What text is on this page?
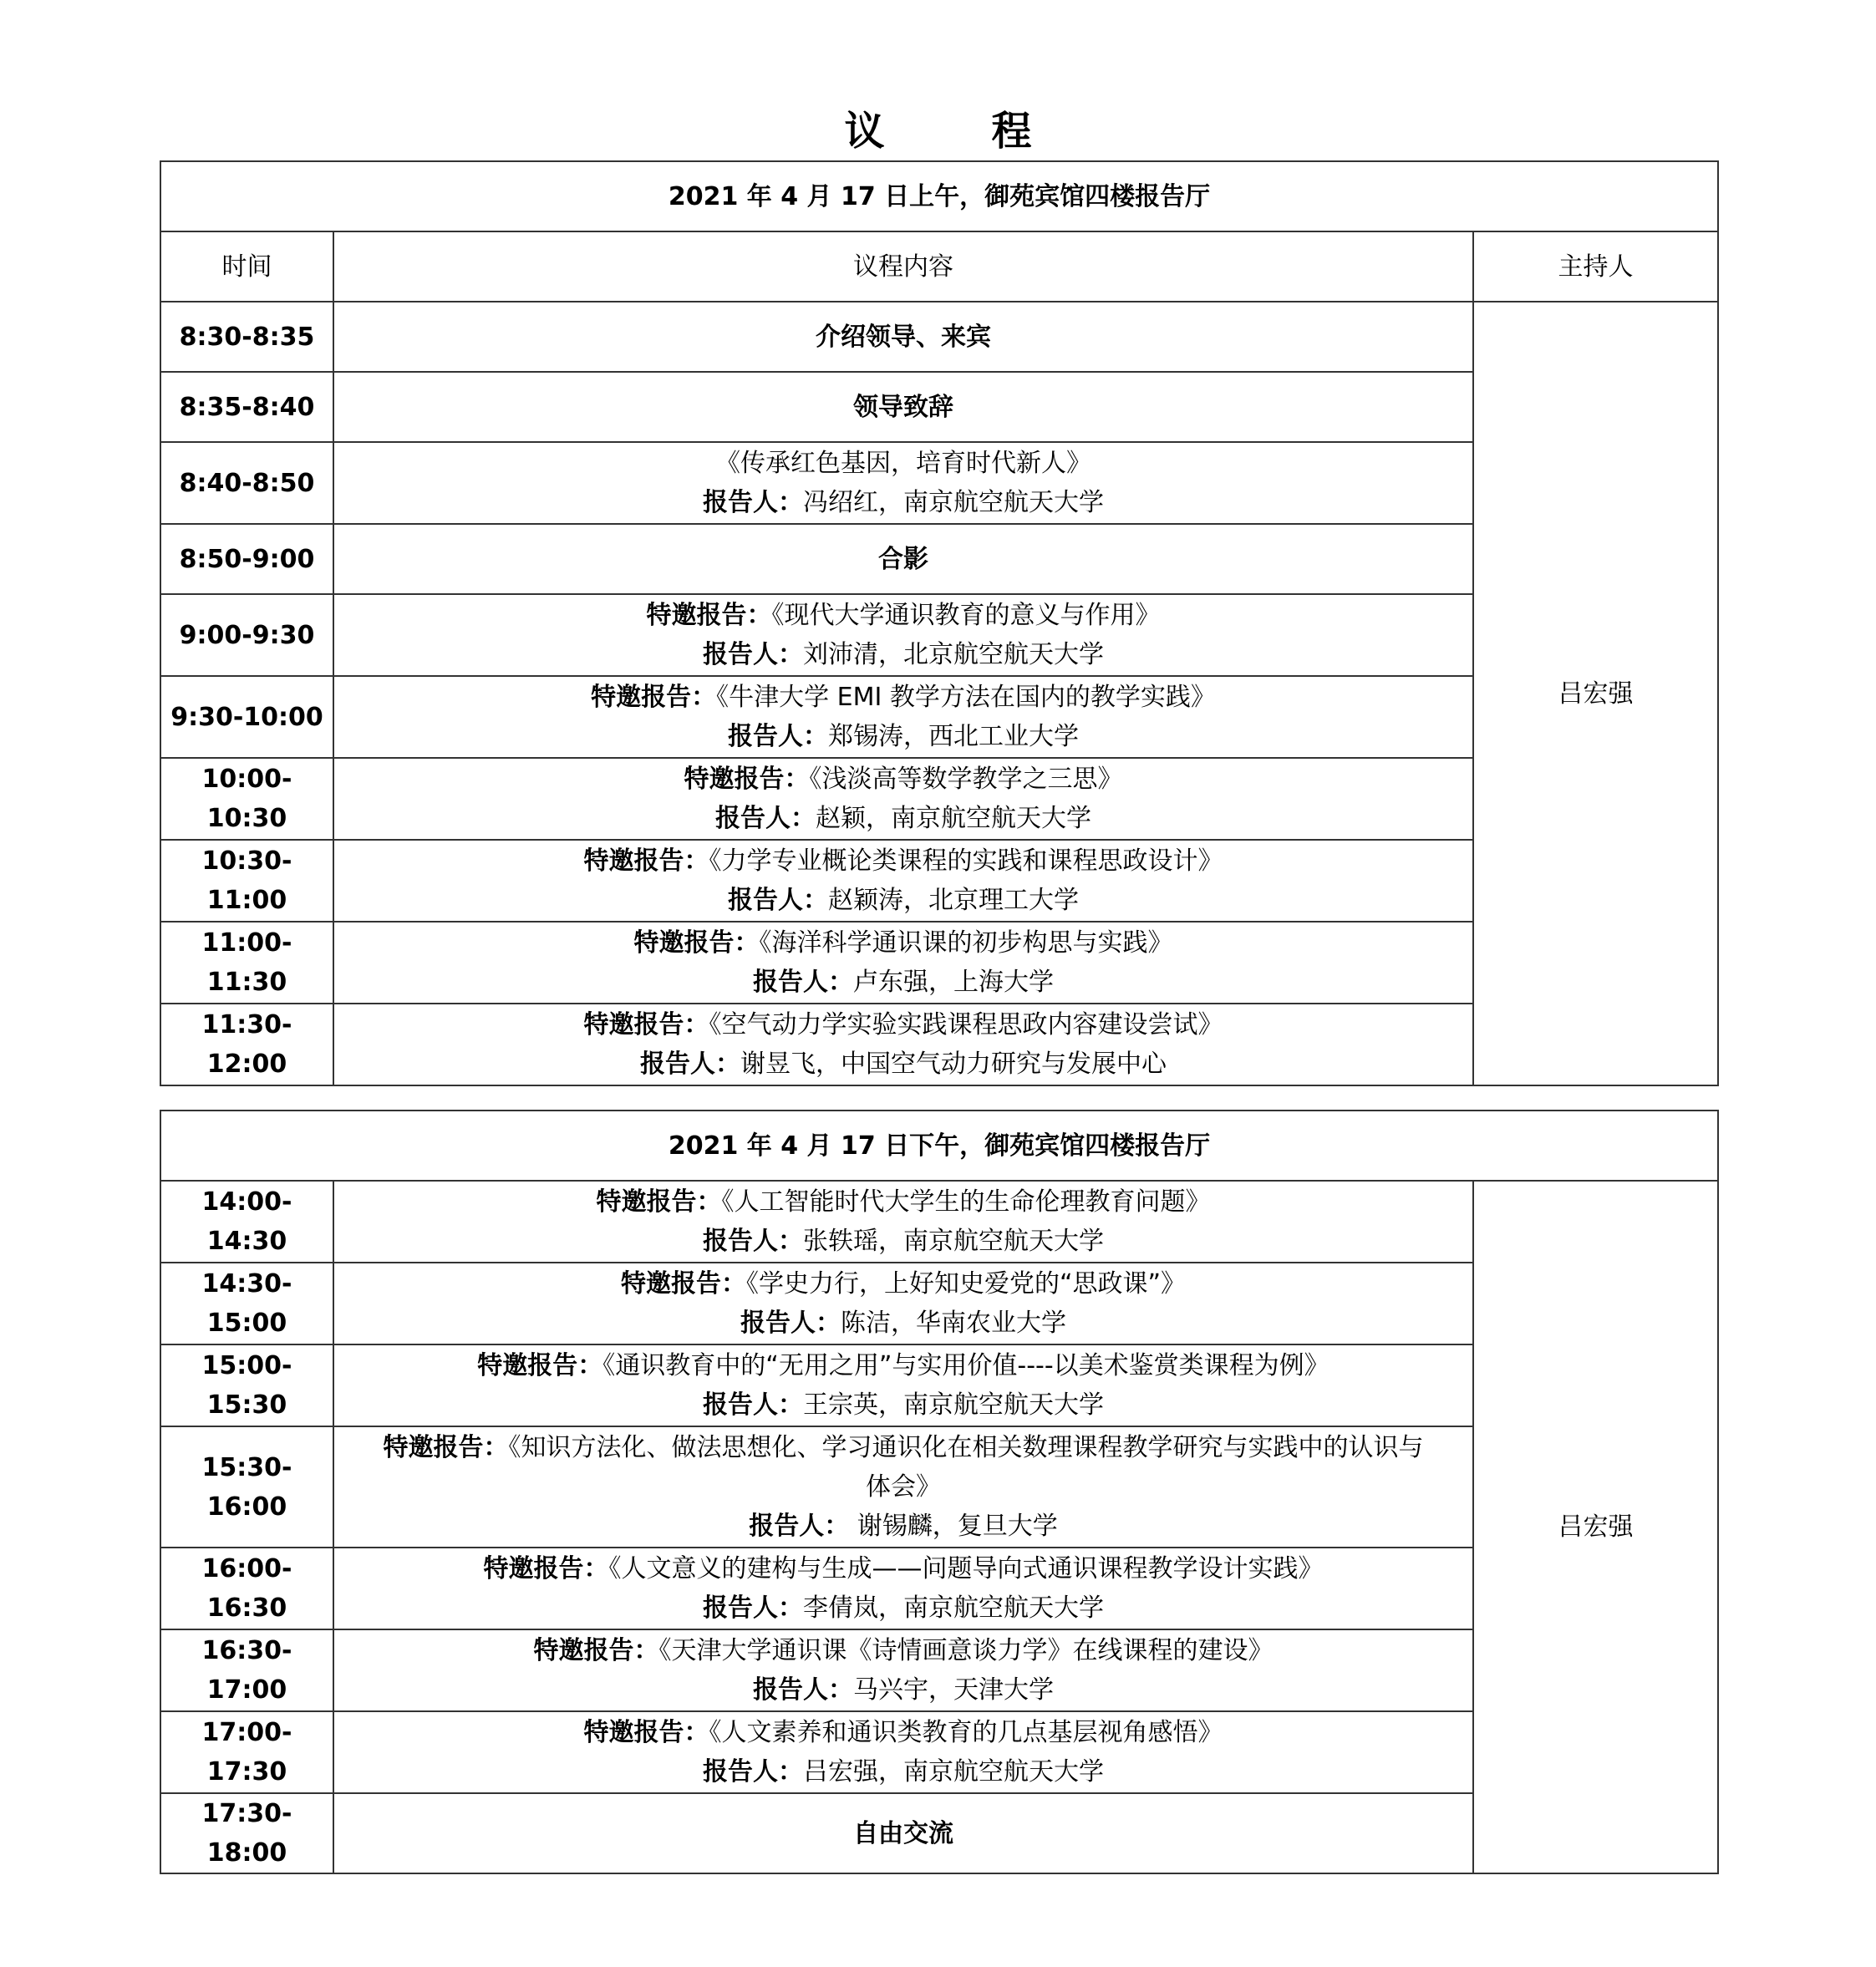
议　程
2021 年 4 月 17 日上午，御苑宾馆四楼报告厅		
时间	议程内容	主持人
8:30-8:35	介绍领导、来宾	吕宏强
8:35-8:40	领导致辞	

8:40-8:50	《传承红色基因，培育时代新人》
报告人：冯绍红，南京航空航天大学	

8:50-9:00	合影	

9:00-9:30	特邀报告：《现代大学通识教育的意义与作用》
报告人：刘沛清，北京航空航天大学	

9:30-10:00	特邀报告：《牛津大学 EMI 教学方法在国内的教学实践》
报告人：郑锡涛，西北工业大学	

10:00-10:30	特邀报告：《浅淡高等数学教学之三思》
报告人：赵颖，南京航空航天大学	

10:30-11:00	特邀报告：《力学专业概论类课程的实践和课程思政设计》
报告人：赵颖涛，北京理工大学	

11:00-11:30	特邀报告：《海洋科学通识课的初步构思与实践》
报告人：卢东强，上海大学	

11:30-12:00	特邀报告：《空气动力学实验实践课程思政内容建设尝试》
报告人：谢昱飞，中国空气动力研究与发展中心	
2021 年 4 月 17 日下午，御苑宾馆四楼报告厅		
14:00-14:30	特邀报告：《人工智能时代大学生的生命伦理教育问题》
报告人：张轶瑶，南京航空航天大学	吕宏强
14:30-15:00	特邀报告：《学史力行，上好知史爱党的“思政课”》
报告人：陈洁，华南农业大学	

15:00-15:30	特邀报告：《通识教育中的“无用之用”与实用价值----以美术鉴赏类课程为例》
报告人：王宗英，南京航空航天大学	

15:30-16:00	特邀报告：《知识方法化、做法思想化、学习通识化在相关数理课程教学研究与实践中的认识与
体会》
报告人： 谢锡麟，复旦大学	

16:00-16:30	特邀报告：《人文意义的建构与生成——问题导向式通识课程教学设计实践》
报告人：李倩岚，南京航空航天大学	

16:30-17:00	特邀报告：《天津大学通识课《诗情画意谈力学》在线课程的建设》
报告人：马兴宇，天津大学	

17:00-17:30	特邀报告：《人文素养和通识类教育的几点基层视角感悟》
报告人：吕宏强，南京航空航天大学	

17:30-18:00	自由交流	
